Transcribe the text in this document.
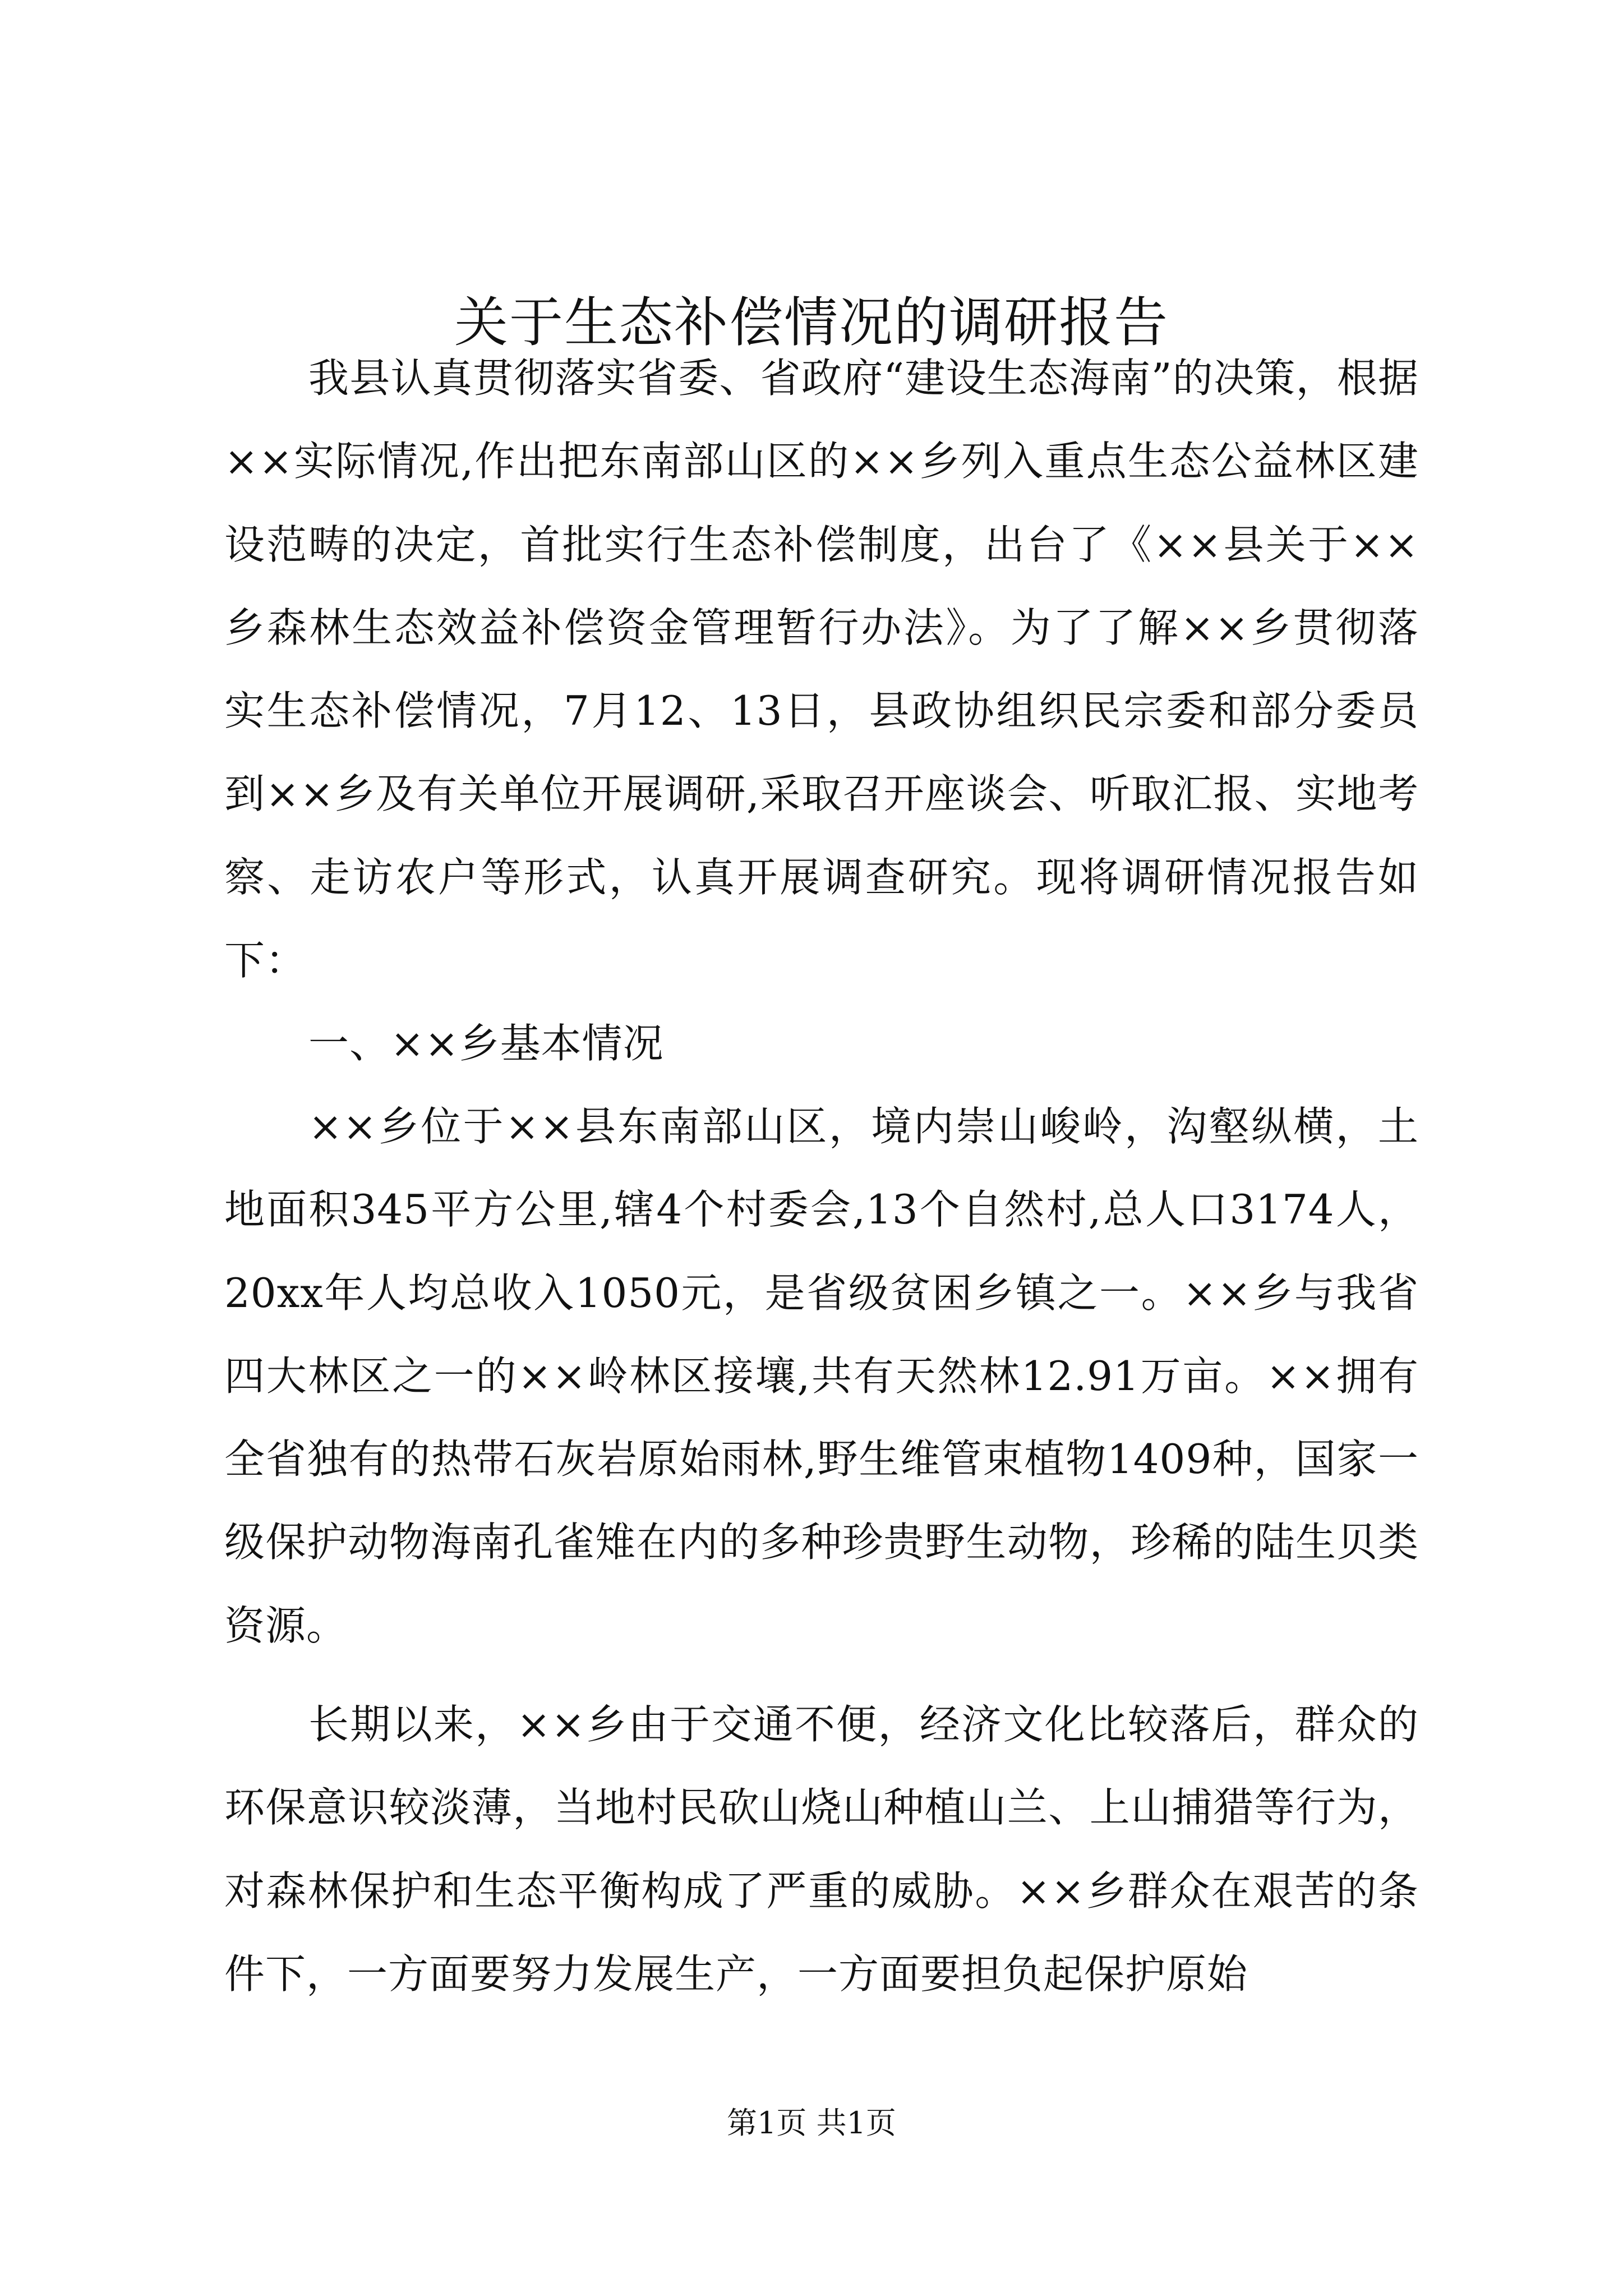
关于生态补偿情况的调研报告

我县认真贯彻落实省委、省政府“建设生态海南”的决策，根据××实际情况,作出把东南部山区的××乡列入重点生态公益林区建设范畴的决定，首批实行生态补偿制度，出台了《××县关于××乡森林生态效益补偿资金管理暂行办法》。为了了解××乡贯彻落实生态补偿情况，7月12、13日，县政协组织民宗委和部分委员到××乡及有关单位开展调研,采取召开座谈会、听取汇报、实地考察、走访农户等形式，认真开展调查研究。现将调研情况报告如下：

一、××乡基本情况

××乡位于××县东南部山区，境内崇山峻岭，沟壑纵横，土地面积345平方公里,辖4个村委会,13个自然村,总人口3174人，20xx年人均总收入1050元，是省级贫困乡镇之一。××乡与我省四大林区之一的××岭林区接壤,共有天然林12.91万亩。××拥有全省独有的热带石灰岩原始雨林,野生维管束植物1409种，国家一级保护动物海南孔雀雉在内的多种珍贵野生动物，珍稀的陆生贝类资源。

长期以来，××乡由于交通不便，经济文化比较落后，群众的环保意识较淡薄，当地村民砍山烧山种植山兰、上山捕猎等行为，对森林保护和生态平衡构成了严重的威胁。××乡群众在艰苦的条件下，一方面要努力发展生产，一方面要担负起保护原始

第1页 共1页
